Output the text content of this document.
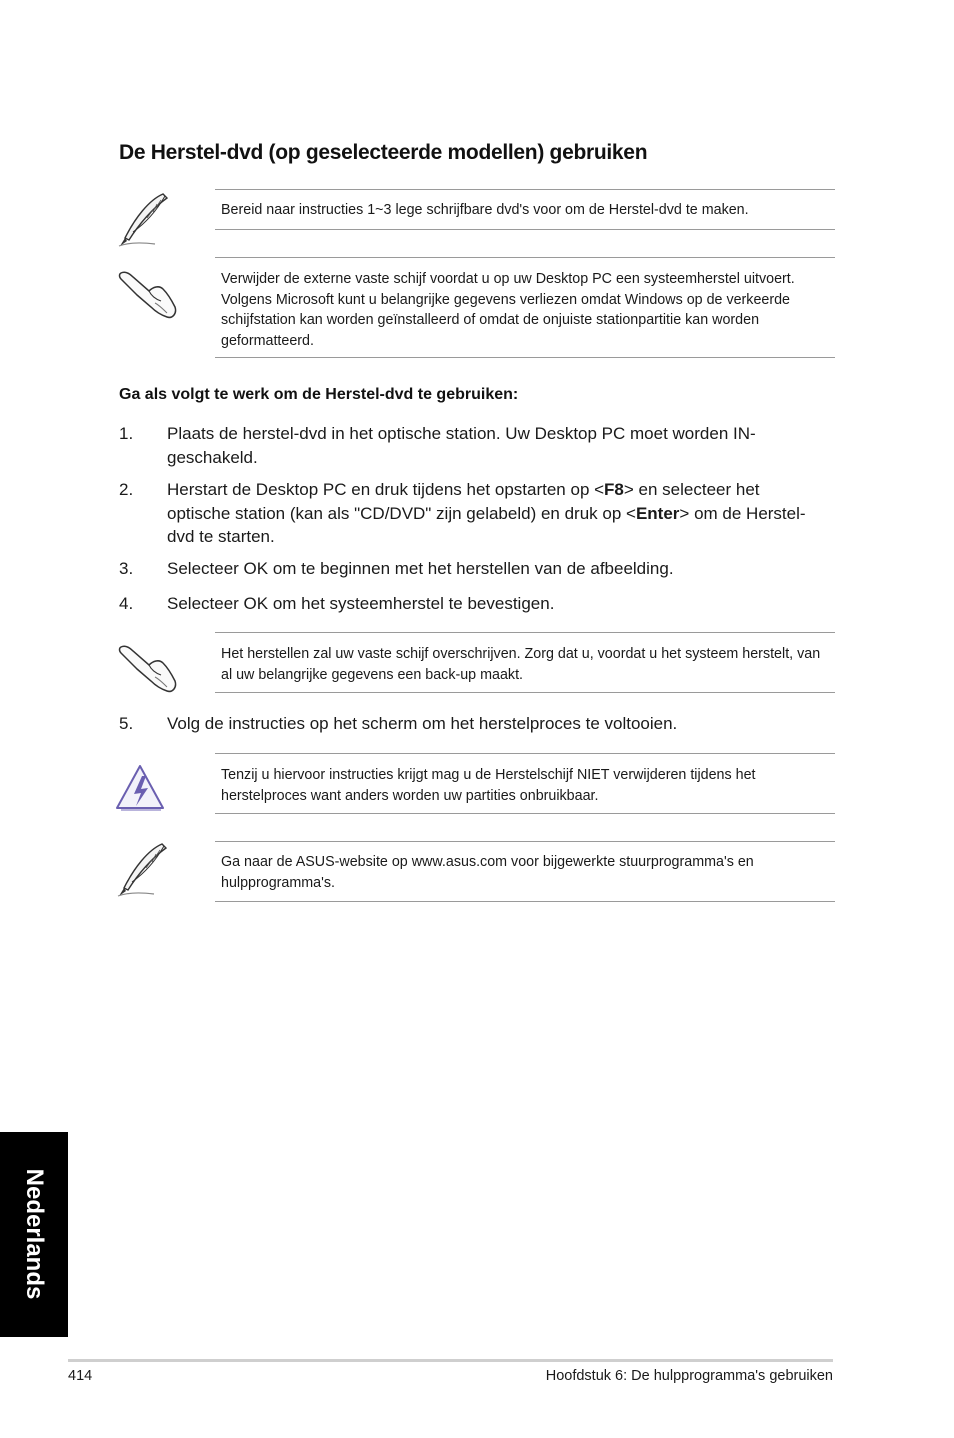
De Herstel-dvd (op geselecteerde modellen) gebruiken

Bereid naar instructies 1~3 lege schrijfbare dvd's voor om de Herstel-dvd te maken.

Verwijder de externe vaste schijf voordat u op uw Desktop PC een systeemherstel uitvoert. Volgens Microsoft kunt u belangrijke gegevens verliezen omdat Windows op de verkeerde schijfstation kan worden geïnstalleerd of omdat de onjuiste stationpartitie kan worden geformatteerd.

Ga als volgt te werk om de Herstel-dvd te gebruiken:
1. Plaats de herstel-dvd in het optische station. Uw Desktop PC moet worden IN-geschakeld.
2. Herstart de Desktop PC en druk tijdens het opstarten op <F8> en selecteer het optische station (kan als "CD/DVD" zijn gelabeld) en druk op <Enter> om de Herstel-dvd te starten.
3. Selecteer OK om te beginnen met het herstellen van de afbeelding.
4. Selecteer OK om het systeemherstel te bevestigen.

Het herstellen zal uw vaste schijf overschrijven. Zorg dat u, voordat u het systeem herstelt, van al uw belangrijke gegevens een back-up maakt.

5. Volg de instructies op het scherm om het herstelproces te voltooien.

Tenzij u hiervoor instructies krijgt mag u de Herstelschijf NIET verwijderen tijdens het herstelproces want anders worden uw partities onbruikbaar.

Ga naar de ASUS-website op www.asus.com voor bijgewerkte stuurprogramma's en hulpprogramma's.

Nederlands
414	Hoofdstuk 6: De hulpprogramma's gebruiken
